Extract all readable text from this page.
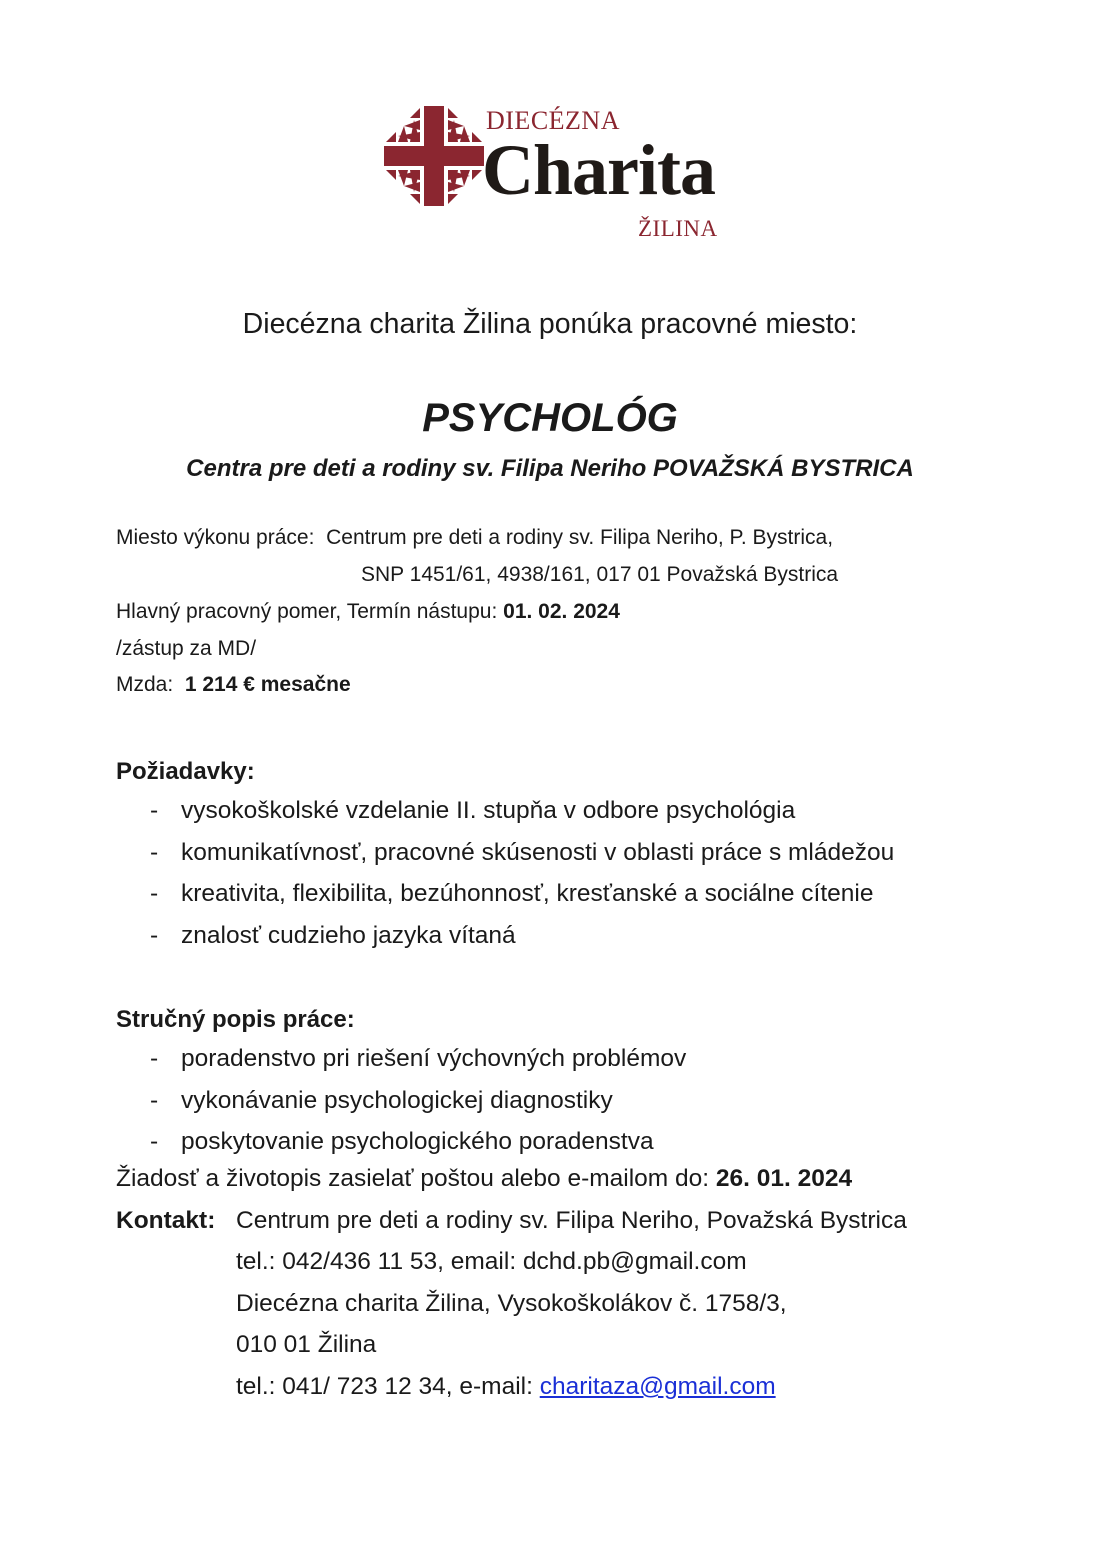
DIECÉZNA
Charita
ŽILINA
Diecézna charita Žilina ponúka pracovné miesto:
PSYCHOLÓG
Centra pre deti a rodiny sv. Filipa Neriho POVAŽSKÁ BYSTRICA
Miesto výkonu práce: Centrum pre deti a rodiny sv. Filipa Neriho, P. Bystrica,
SNP 1451/61, 4938/161, 017 01 Považská Bystrica
Hlavný pracovný pomer, Termín nástupu: 01. 02. 2024
/zástup za MD/
Mzda: 1 214 € mesačne
Požiadavky:
- vysokoškolské vzdelanie II. stupňa v odbore psychológia
- komunikatívnosť, pracovné skúsenosti v oblasti práce s mládežou
- kreativita, flexibilita, bezúhonnosť, kresťanské a sociálne cítenie
- znalosť cudzieho jazyka vítaná
Stručný popis práce:
- poradenstvo pri riešení výchovných problémov
- vykonávanie psychologickej diagnostiky
- poskytovanie psychologického poradenstva
Žiadosť a životopis zasielať poštou alebo e-mailom do: 26. 01. 2024
Kontakt: Centrum pre deti a rodiny sv. Filipa Neriho, Považská Bystrica
tel.: 042/436 11 53, email: dchd.pb@gmail.com
Diecézna charita Žilina, Vysokoškolákov č. 1758/3,
010 01 Žilina
tel.: 041/ 723 12 34, e-mail: charitaza@gmail.com
